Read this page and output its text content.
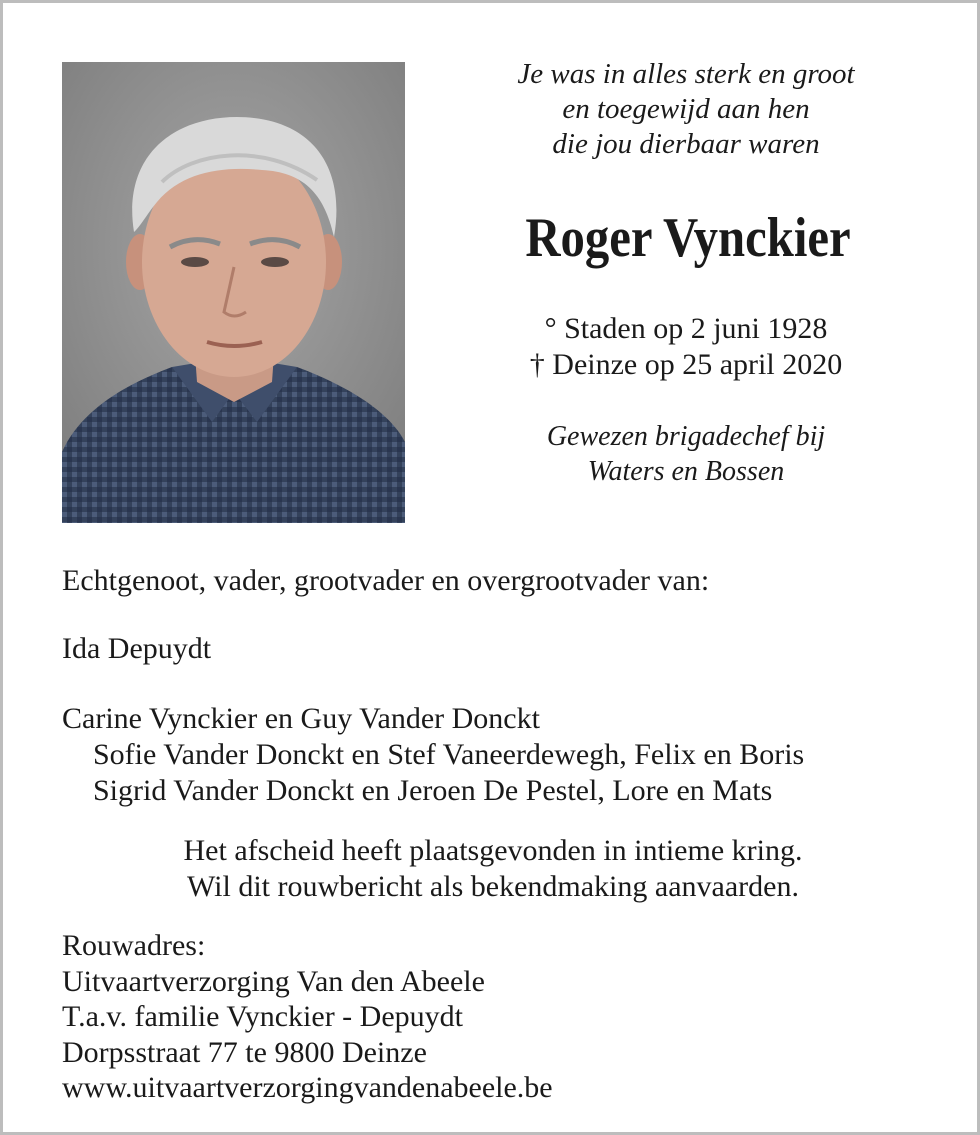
Je was in alles sterk en groot
en toegewijd aan hen
die jou dierbaar waren
Roger Vynckier
° Staden op 2 juni 1928
† Deinze op 25 april 2020
Gewezen brigadechef bij
Waters en Bossen
Echtgenoot, vader, grootvader en overgrootvader van:
Ida Depuydt
Carine Vynckier en Guy Vander Donckt
Sofie Vander Donckt en Stef Vaneerdewegh, Felix en Boris
Sigrid Vander Donckt en Jeroen De Pestel, Lore en Mats
Het afscheid heeft plaatsgevonden in intieme kring.
Wil dit rouwbericht als bekendmaking aanvaarden.
Rouwadres:
Uitvaartverzorging Van den Abeele
T.a.v. familie Vynckier - Depuydt
Dorpsstraat 77 te 9800 Deinze
www.uitvaartverzorgingvandenabeele.be
